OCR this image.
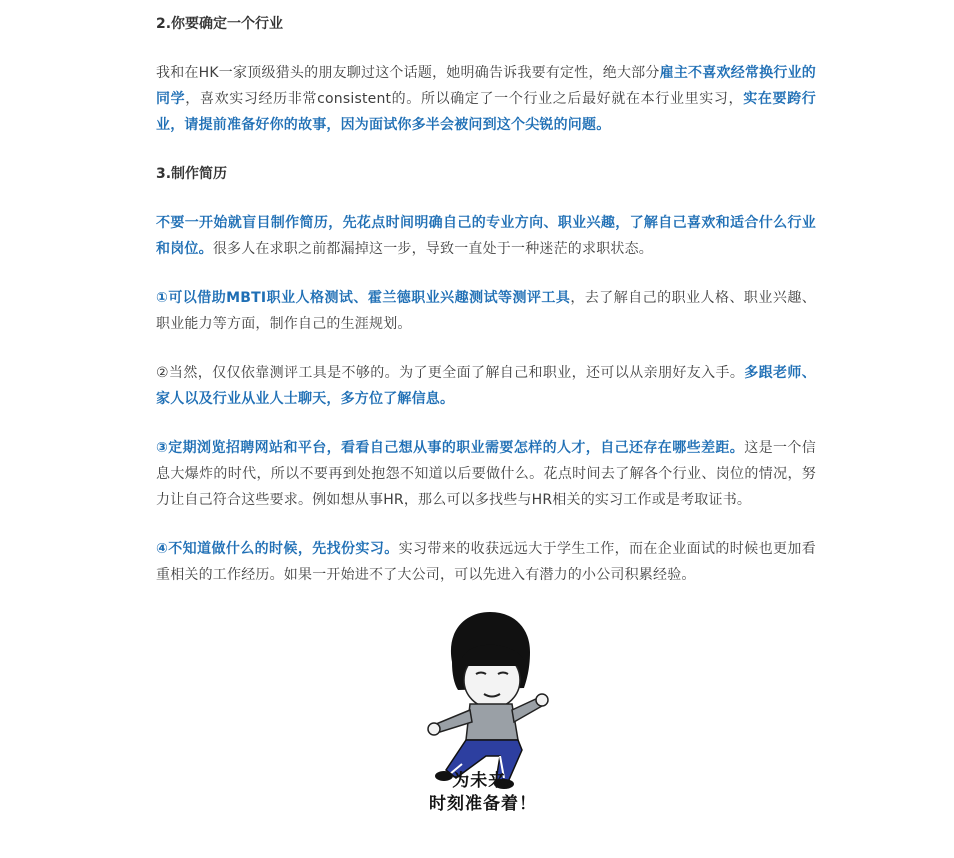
2.你要确定一个行业

我和在HK一家顶级猎头的朋友聊过这个话题，她明确告诉我要有定性，绝大部分雇主不喜欢经常换行业的同学，喜欢实习经历非常consistent的。所以确定了一个行业之后最好就在本行业里实习，实在要跨行业，请提前准备好你的故事，因为面试你多半会被问到这个尖锐的问题。

3.制作简历

不要一开始就盲目制作简历，先花点时间明确自己的专业方向、职业兴趣，了解自己喜欢和适合什么行业和岗位。很多人在求职之前都漏掉这一步，导致一直处于一种迷茫的求职状态。

①可以借助MBTI职业人格测试、霍兰德职业兴趣测试等测评工具，去了解自己的职业人格、职业兴趣、职业能力等方面，制作自己的生涯规划。

②当然，仅仅依靠测评工具是不够的。为了更全面了解自己和职业，还可以从亲朋好友入手。多跟老师、家人以及行业从业人士聊天，多方位了解信息。

③定期浏览招聘网站和平台，看看自己想从事的职业需要怎样的人才，自己还存在哪些差距。这是一个信息大爆炸的时代，所以不要再到处抱怨不知道以后要做什么。花点时间去了解各个行业、岗位的情况，努力让自己符合这些要求。例如想从事HR，那么可以多找些与HR相关的实习工作或是考取证书。

④不知道做什么的时候，先找份实习。实习带来的收获远远大于学生工作，而在企业面试的时候也更加看重相关的工作经历。如果一开始进不了大公司，可以先进入有潜力的小公司积累经验。

为未来,
时刻准备着！
